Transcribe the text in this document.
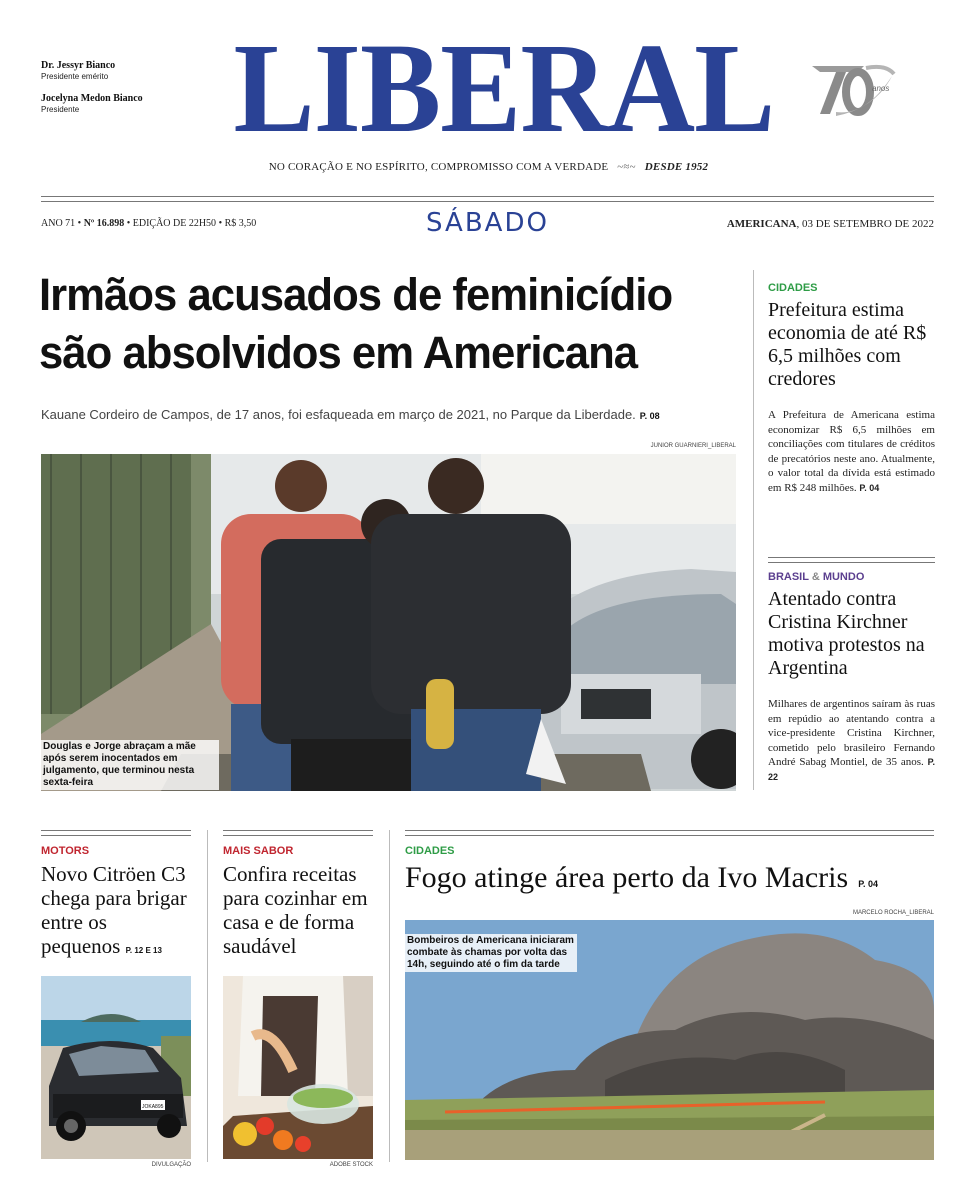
Dr. Jessyr Bianco
Presidente emérito
Jocelyna Medon Bianco
Presidente	LIBERAL	70	anos
NO CORAÇÃO E NO ESPÍRITO, COMPROMISSO COM A VERDADE ~≈~ DESDE 1952
ANO 71 • Nº 16.898 • EDIÇÃO DE 22H50 • R$ 3,50	SÁBADO	AMERICANA, 03 DE SETEMBRO DE 2022
Irmãos acusados de feminicídio
são absolvidos em Americana
Kauane Cordeiro de Campos, de 17 anos, foi esfaqueada em março de 2021, no Parque da Liberdade. P. 08
JUNIOR GUARNIERI_LIBERAL
Douglas e Jorge abraçam a mãe após serem inocentados em julgamento, que terminou nesta sexta-feira
CIDADES
Prefeitura estima economia de até R$ 6,5 milhões com credores
A Prefeitura de Americana estima economizar R$ 6,5 milhões em conciliações com titulares de créditos de precatórios neste ano. Atualmente, o valor total da dívida está estimado em R$ 248 milhões. P. 04
BRASIL & MUNDO
Atentado contra Cristina Kirchner motiva protestos na Argentina
Milhares de argentinos saíram às ruas em repúdio ao atentando contra a vice-presidente Cristina Kirchner, cometido pelo brasileiro Fernando André Sabag Montiel, de 35 anos. P. 22
MOTORS
Novo Citröen C3 chega para brigar entre os pequenos P. 12 E 13
JOKA895
DIVULGAÇÃO
MAIS SABOR
Confira receitas para cozinhar em casa e de forma saudável
ADOBE STOCK
CIDADES
Fogo atinge área perto da Ivo Macris P. 04
MARCELO ROCHA_LIBERAL
Bombeiros de Americana iniciaram combate às chamas por volta das 14h, seguindo até o fim da tarde
